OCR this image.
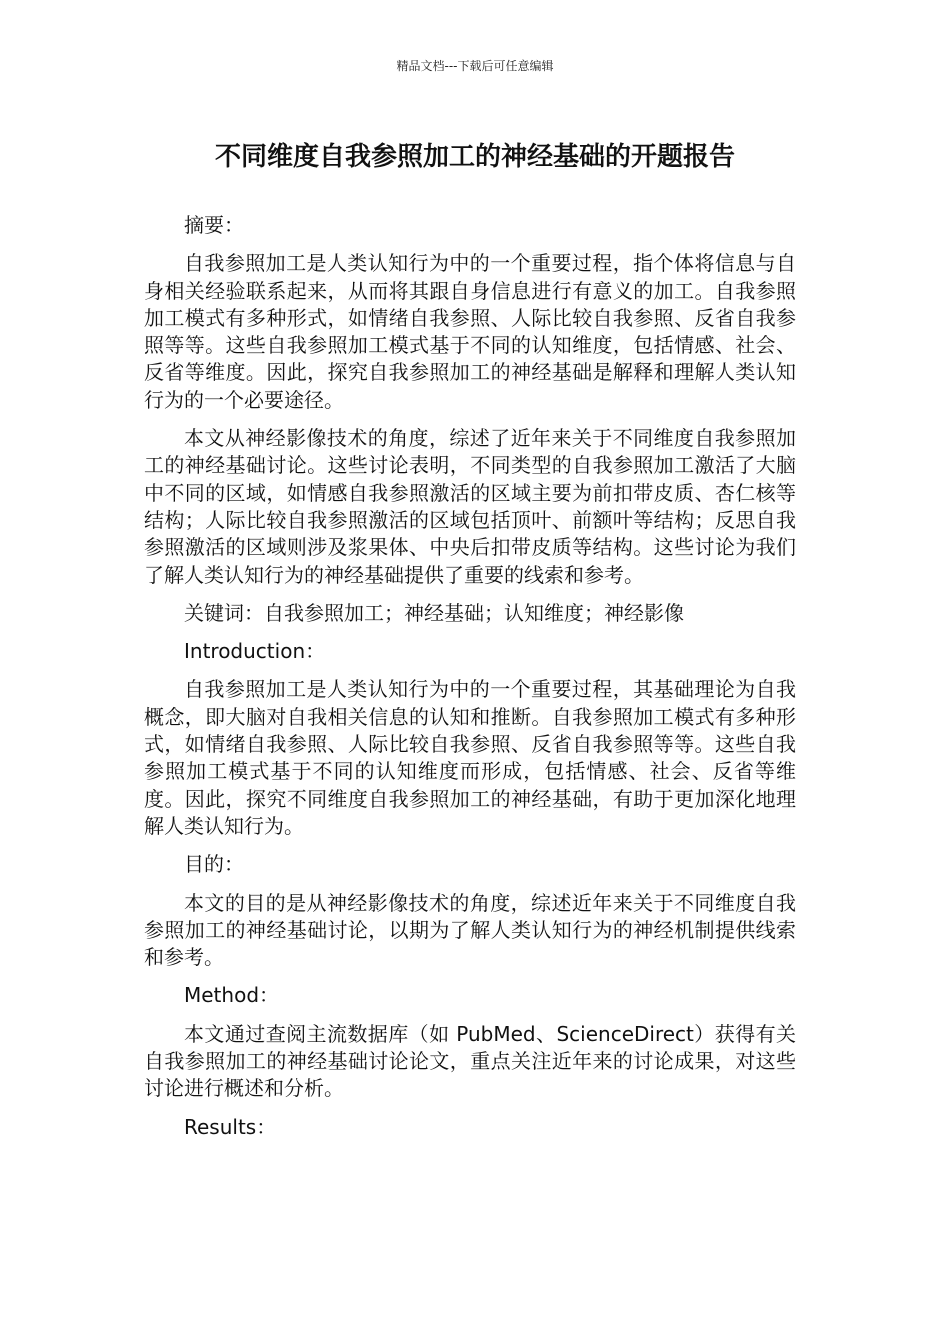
精品文档---下载后可任意编辑
不同维度自我参照加工的神经基础的开题报告

摘要：

自我参照加工是人类认知行为中的一个重要过程，指个体将信息与自身相关经验联系起来，从而将其跟自身信息进行有意义的加工。自我参照加工模式有多种形式，如情绪自我参照、人际比较自我参照、反省自我参照等等。这些自我参照加工模式基于不同的认知维度，包括情感、社会、反省等维度。因此，探究自我参照加工的神经基础是解释和理解人类认知行为的一个必要途径。

本文从神经影像技术的角度，综述了近年来关于不同维度自我参照加工的神经基础讨论。这些讨论表明，不同类型的自我参照加工激活了大脑中不同的区域，如情感自我参照激活的区域主要为前扣带皮质、杏仁核等结构；人际比较自我参照激活的区域包括顶叶、前额叶等结构；反思自我参照激活的区域则涉及浆果体、中央后扣带皮质等结构。这些讨论为我们了解人类认知行为的神经基础提供了重要的线索和参考。

关键词：自我参照加工；神经基础；认知维度；神经影像

Introduction：

自我参照加工是人类认知行为中的一个重要过程，其基础理论为自我概念，即大脑对自我相关信息的认知和推断。自我参照加工模式有多种形式，如情绪自我参照、人际比较自我参照、反省自我参照等等。这些自我参照加工模式基于不同的认知维度而形成，包括情感、社会、反省等维度。因此，探究不同维度自我参照加工的神经基础，有助于更加深化地理解人类认知行为。

目的：

本文的目的是从神经影像技术的角度，综述近年来关于不同维度自我参照加工的神经基础讨论，以期为了解人类认知行为的神经机制提供线索和参考。

Method：

本文通过查阅主流数据库（如 PubMed、ScienceDirect）获得有关自我参照加工的神经基础讨论论文，重点关注近年来的讨论成果，对这些讨论进行概述和分析。

Results：
